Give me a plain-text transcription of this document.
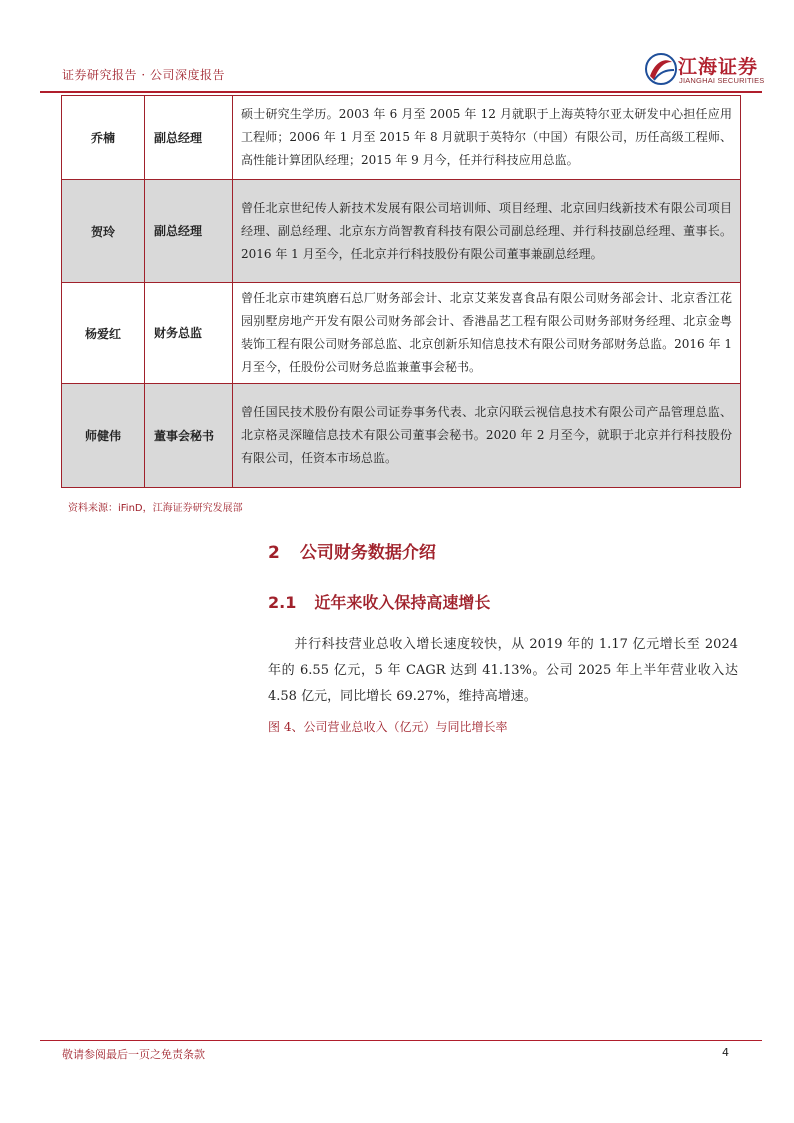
证券研究报告 · 公司深度报告	江海证券
JIANGHAI SECURITIES
乔楠	副总经理	硕士研究生学历。2003 年 6 月至 2005 年 12 月就职于上海英特尔亚太研发中心担任应用工程师；2006 年 1 月至 2015 年 8 月就职于英特尔（中国）有限公司，历任高级工程师、高性能计算团队经理；2015 年 9 月今，任并行科技应用总监。
贺玲	副总经理	曾任北京世纪传人新技术发展有限公司培训师、项目经理、北京回归线新技术有限公司项目经理、副总经理、北京东方尚智教育科技有限公司副总经理、并行科技副总经理、董事长。2016 年 1 月至今，任北京并行科技股份有限公司董事兼副总经理。
杨爱红	财务总监	曾任北京市建筑磨石总厂财务部会计、北京艾莱发喜食品有限公司财务部会计、北京香江花园别墅房地产开发有限公司财务部会计、香港晶艺工程有限公司财务部财务经理、北京金粤装饰工程有限公司财务部总监、北京创新乐知信息技术有限公司财务部财务总监。2016 年 1 月至今，任股份公司财务总监兼董事会秘书。
师健伟	董事会秘书	曾任国民技术股份有限公司证券事务代表、北京闪联云视信息技术有限公司产品管理总监、北京格灵深瞳信息技术有限公司董事会秘书。2020 年 2 月至今，就职于北京并行科技股份有限公司，任资本市场总监。
资料来源：iFinD，江海证券研究发展部
2 公司财务数据介绍
2.1 近年来收入保持高速增长
并行科技营业总收入增长速度较快，从 2019 年的 1.17 亿元增长至 2024 年的 6.55 亿元，5 年 CAGR 达到 41.13%。公司 2025 年上半年营业收入达 4.58 亿元，同比增长 69.27%，维持高增速。
图 4、公司营业总收入（亿元）与同比增长率
敬请参阅最后一页之免责条款	4
